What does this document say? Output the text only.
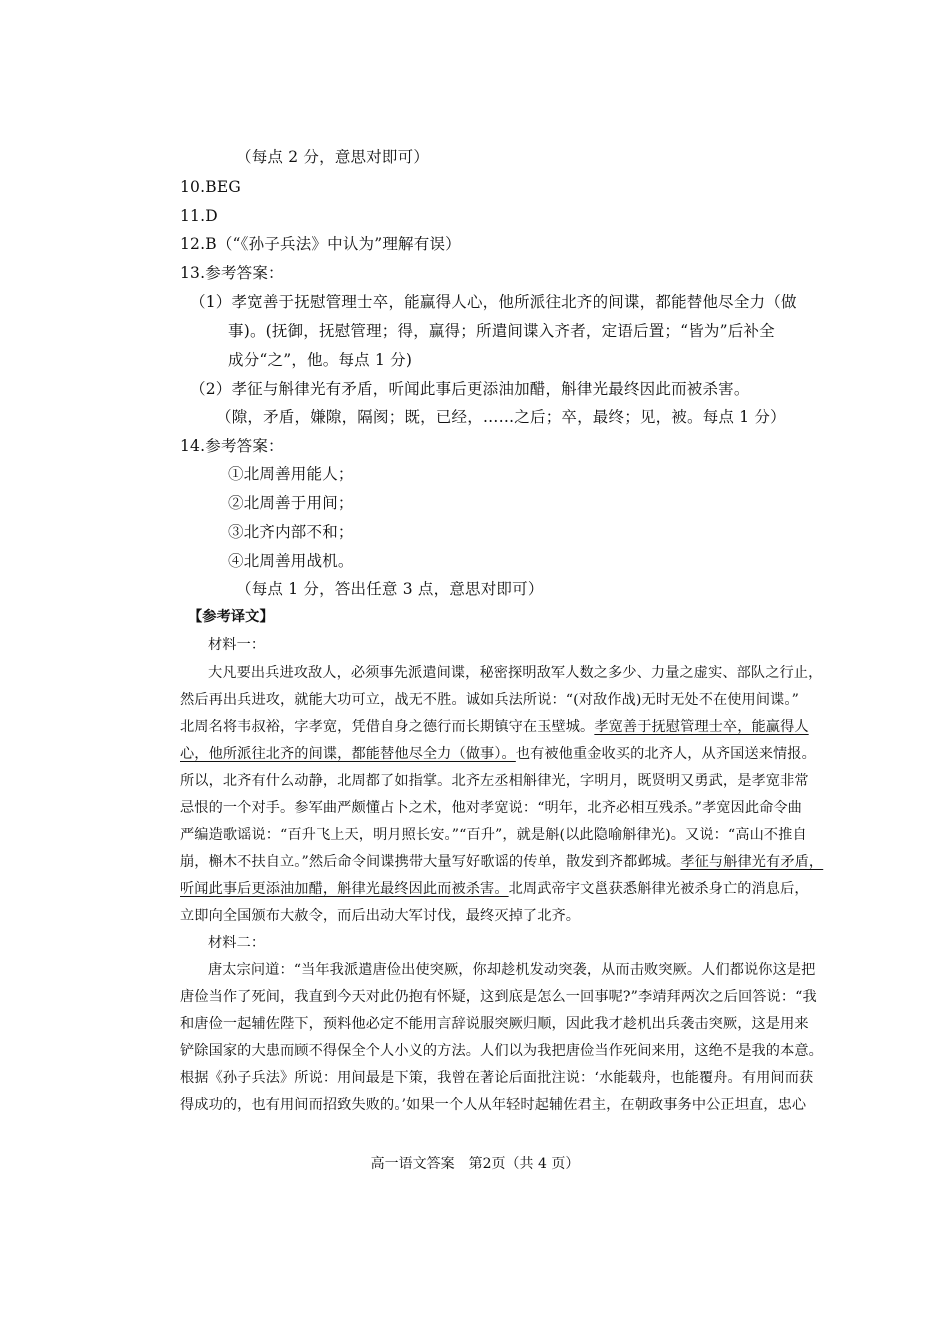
（每点 2 分，意思对即可）
10.BEG
11.D
12.B（“《孙子兵法》中认为”理解有误）
13.参考答案：
（1）孝宽善于抚慰管理士卒，能赢得人心，他所派往北齐的间谍，都能替他尽全力（做
事)。(抚御，抚慰管理；得，赢得；所遣间谍入齐者，定语后置；“皆为”后补全
成分“之”，他。每点 1 分)
（2）孝征与斛律光有矛盾，听闻此事后更添油加醋，斛律光最终因此而被杀害。
（隙，矛盾，嫌隙，隔阂；既，已经，……之后；卒，最终；见，被。每点 1 分）
14.参考答案：
①北周善用能人；
②北周善于用间；
③北齐内部不和；
④北周善用战机。
（每点 1 分，答出任意 3 点，意思对即可）
【参考译文】
材料一：
大凡要出兵进攻敌人，必须事先派遣间谍，秘密探明敌军人数之多少、力量之虚实、部队之行止，
然后再出兵进攻，就能大功可立，战无不胜。诚如兵法所说：“(对敌作战)无时无处不在使用间谍。”
北周名将韦叔裕，字孝宽，凭借自身之德行而长期镇守在玉壁城。孝宽善于抚慰管理士卒，能赢得人
心，他所派往北齐的间谍，都能替他尽全力（做事）。也有被他重金收买的北齐人，从齐国送来情报。
所以，北齐有什么动静，北周都了如指掌。北齐左丞相斛律光，字明月，既贤明又勇武，是孝宽非常
忌恨的一个对手。参军曲严颇懂占卜之术，他对孝宽说：“明年，北齐必相互残杀。”孝宽因此命令曲
严编造歌谣说：“百升飞上天，明月照长安。”“百升”，就是斛(以此隐喻斛律光)。又说：“高山不推自
崩，槲木不扶自立。”然后命令间谍携带大量写好歌谣的传单，散发到齐都邺城。孝征与斛律光有矛盾，
听闻此事后更添油加醋，斛律光最终因此而被杀害。北周武帝宇文邕获悉斛律光被杀身亡的消息后，
立即向全国颁布大赦令，而后出动大军讨伐，最终灭掉了北齐。
材料二：
唐太宗问道：“当年我派遣唐俭出使突厥，你却趁机发动突袭，从而击败突厥。人们都说你这是把
唐俭当作了死间，我直到今天对此仍抱有怀疑，这到底是怎么一回事呢?”李靖拜两次之后回答说：“我
和唐俭一起辅佐陛下，预料他必定不能用言辞说服突厥归顺，因此我才趁机出兵袭击突厥，这是用来
铲除国家的大患而顾不得保全个人小义的方法。人们以为我把唐俭当作死间来用，这绝不是我的本意。
根据《孙子兵法》所说：用间最是下策，我曾在著论后面批注说：‘水能载舟，也能覆舟。有用间而获
得成功的，也有用间而招致失败的。’如果一个人从年轻时起辅佐君主，在朝政事务中公正坦直，忠心
高一语文答案　第2页（共 4 页）
